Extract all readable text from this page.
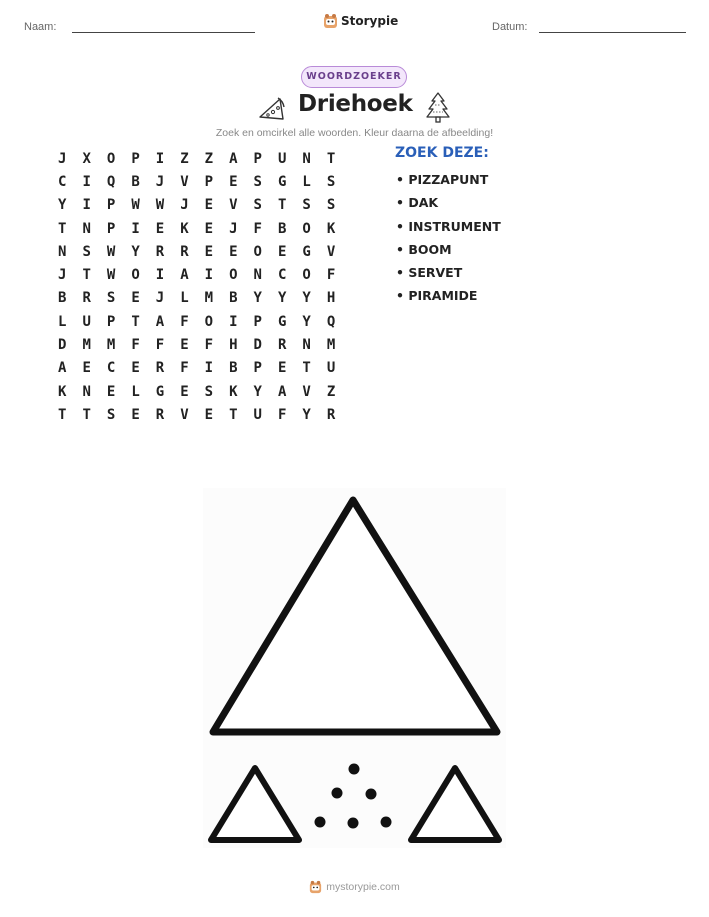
Naam:	Storypie	Datum:
WOORDZOEKER
Driehoek
Zoek en omcirkel alle woorden. Kleur daarna de afbeelding!
J	X	O	P	I	Z	Z	A	P	U	N	T
C	I	Q	B	J	V	P	E	S	G	L	S
Y	I	P	W	W	J	E	V	S	T	S	S
T	N	P	I	E	K	E	J	F	B	O	K
N	S	W	Y	R	R	E	E	O	E	G	V
J	T	W	O	I	A	I	O	N	C	O	F
B	R	S	E	J	L	M	B	Y	Y	Y	H
L	U	P	T	A	F	O	I	P	G	Y	Q
D	M	M	F	F	E	F	H	D	R	N	M
A	E	C	E	R	F	I	B	P	E	T	U
K	N	E	L	G	E	S	K	Y	A	V	Z
T	T	S	E	R	V	E	T	U	F	Y	R
ZOEK DEZE:
• PIZZAPUNT
• DAK
• INSTRUMENT
• BOOM
• SERVET
• PIRAMIDE
mystorypie.com
